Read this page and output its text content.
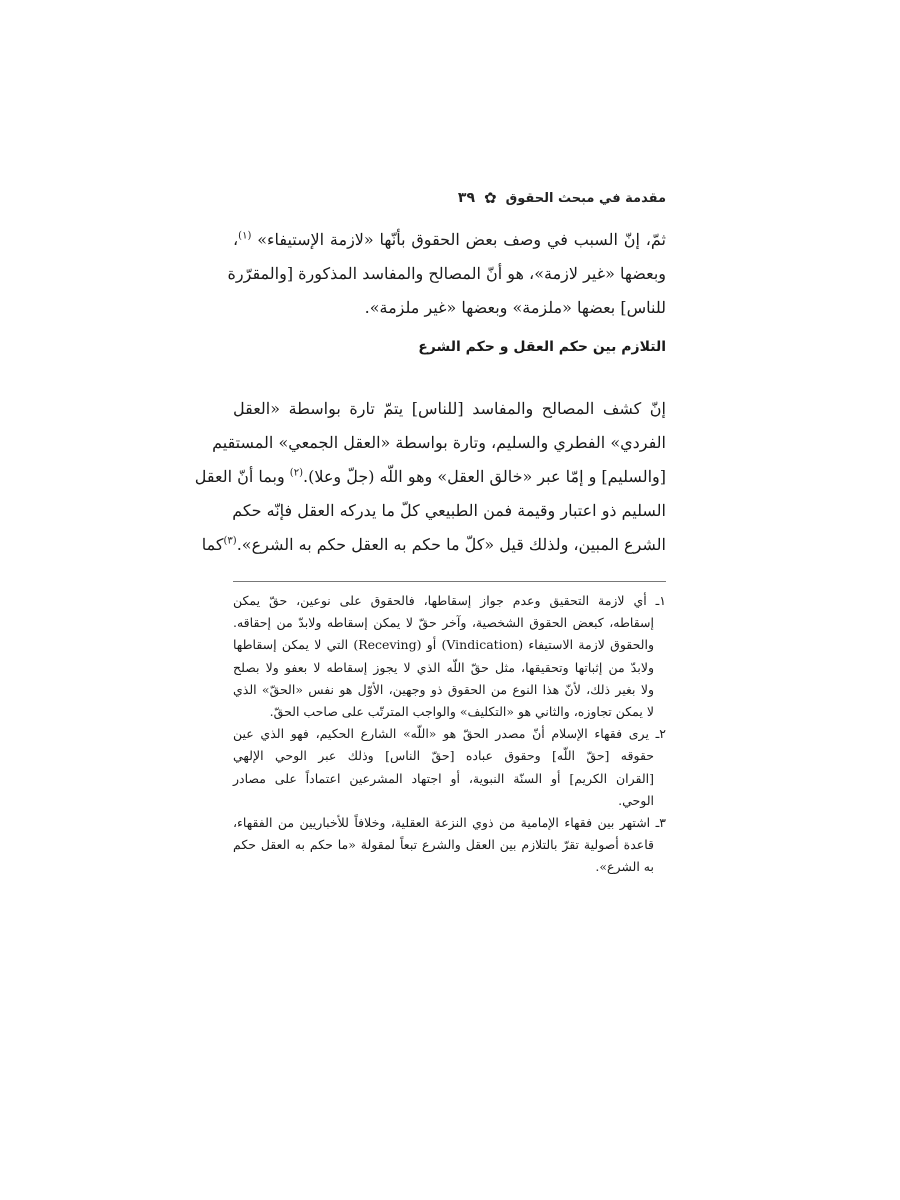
مقدمة في مبحث الحقوق
✿
٣٩

ثمّ، إنّ السبب في وصف بعض الحقوق بأنّها «لازمة الإستيفاء» $^{(١)}$،
وبعضها «غير لازمة»، هو أنّ المصالح والمفاسد المذكورة [والمقرّرة
للناس] بعضها «ملزمة» وبعضها «غير ملزمة».

التلازم بين حكم العقل و حكم الشرع

إنّ كشف المصالح والمفاسد [للناس] يتمّ تارة بواسطة «العقل
الفردي» الفطري والسليم، وتارة بواسطة «العقل الجمعي» المستقيم
[والسليم] و إمّا عبر «خالق العقل» وهو اللّه (جلّ وعلا).$^{(٢)}$ وبما أنّ العقل
السليم ذو اعتبار وقيمة فمن الطبيعي كلّ ما يدركه العقل فإنّه حكم
الشرع المبين، ولذلك قيل «كلّ ما حكم به العقل حكم به الشرع».$^{(٣)}$كما

١ـ أي لازمة التحقيق وعدم جواز إسقاطها، فالحقوق على نوعين، حقّ يمكن
إسقاطه، كبعض الحقوق الشخصية، وآخر حقّ لا يمكن إسقاطه ولابدّ من إحقاقه.
والحقوق لازمة الاستيفاء (Vindication) أو (Receving) التي لا يمكن إسقاطها
ولابدّ من إثباتها وتحقيقها، مثل حقّ اللّه الذي لا يجوز إسقاطه لا بعفو ولا بصلح
ولا بغير ذلك، لأنّ هذا النوع من الحقوق ذو وجهين، الأوّل هو نفس «الحقّ» الذي
لا يمكن تجاوزه، والثاني هو «التكليف» والواجب المترتّب على صاحب الحقّ.
٢ـ يرى فقهاء الإسلام أنّ مصدر الحقّ هو «اللّه» الشارع الحكيم، فهو الذي عين
حقوقه [حقّ اللّه] وحقوق عباده [حقّ الناس] وذلك عبر الوحي الإلهي
[القران الكريم] أو السنّة النبوية، أو اجتهاد المشرعين اعتماداً على مصادر
الوحي.
٣ـ اشتهر بين فقهاء الإمامية من ذوي النزعة العقلية، وخلافاً للأخباريين من الفقهاء،
قاعدة أصولية تقرّ بالتلازم بين العقل والشرع تبعاً لمقولة «ما حكم به العقل حكم
به الشرع».
